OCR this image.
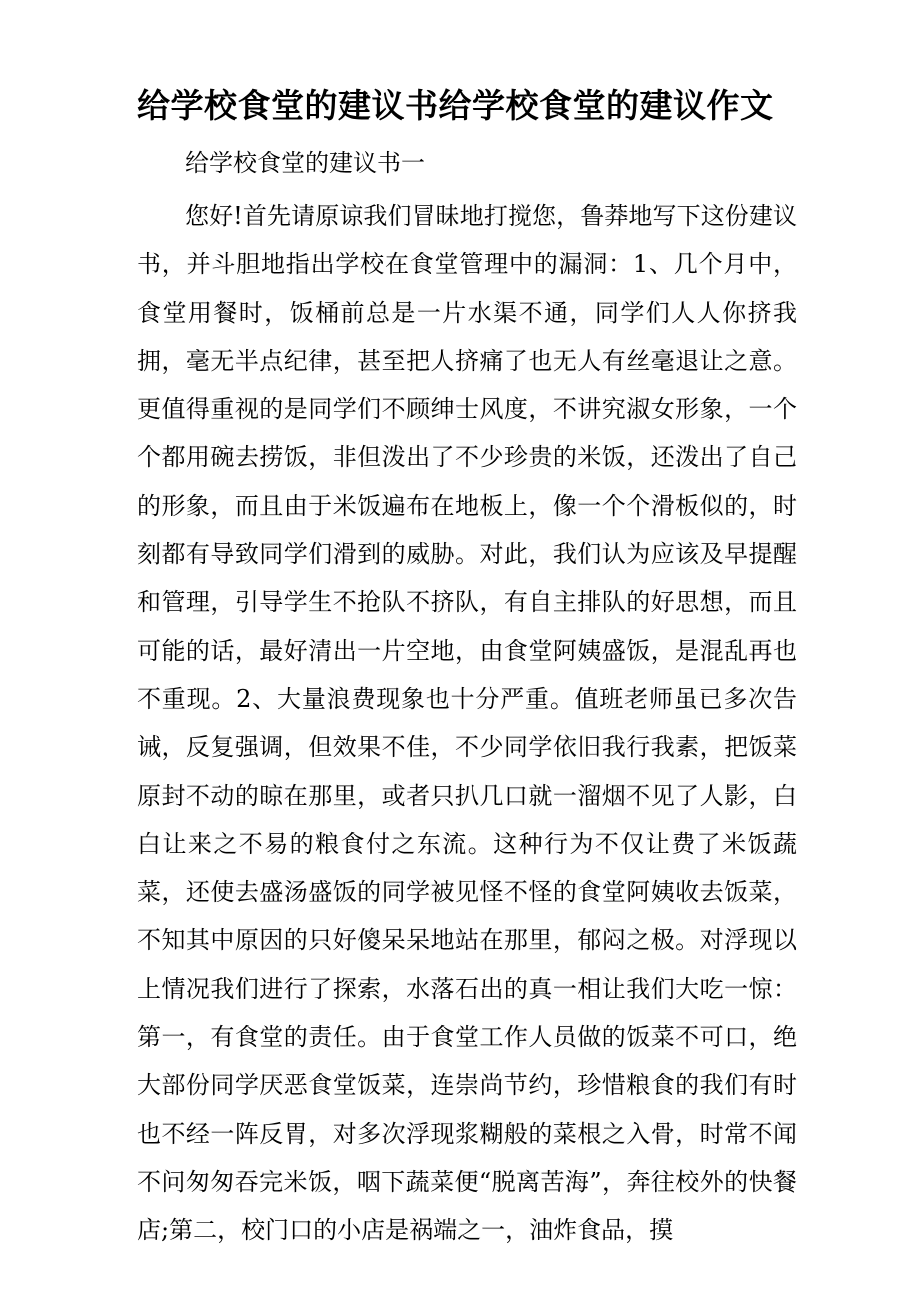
给学校食堂的建议书给学校食堂的建议作文

给学校食堂的建议书一

您好!首先请原谅我们冒昧地打搅您，鲁莽地写下这份建议书，并斗胆地指出学校在食堂管理中的漏洞：1、几个月中，食堂用餐时，饭桶前总是一片水渠不通，同学们人人你挤我拥，毫无半点纪律，甚至把人挤痛了也无人有丝毫退让之意。更值得重视的是同学们不顾绅士风度，不讲究淑女形象，一个个都用碗去捞饭，非但泼出了不少珍贵的米饭，还泼出了自己的形象，而且由于米饭遍布在地板上，像一个个滑板似的，时刻都有导致同学们滑到的威胁。对此，我们认为应该及早提醒和管理，引导学生不抢队不挤队，有自主排队的好思想，而且可能的话，最好清出一片空地，由食堂阿姨盛饭，是混乱再也不重现。2、大量浪费现象也十分严重。值班老师虽已多次告诫，反复强调，但效果不佳，不少同学依旧我行我素，把饭菜原封不动的晾在那里，或者只扒几口就一溜烟不见了人影，白白让来之不易的粮食付之东流。这种行为不仅让费了米饭蔬菜，还使去盛汤盛饭的同学被见怪不怪的食堂阿姨收去饭菜，不知其中原因的只好傻呆呆地站在那里，郁闷之极。对浮现以上情况我们进行了探索，水落石出的真一相让我们大吃一惊：第一，有食堂的责任。由于食堂工作人员做的饭菜不可口，绝大部份同学厌恶食堂饭菜，连崇尚节约，珍惜粮食的我们有时也不经一阵反胃，对多次浮现浆糊般的菜根之入骨，时常不闻不问匆匆吞完米饭，咽下蔬菜便“脱离苦海”，奔往校外的快餐店;第二，校门口的小店是祸端之一，油炸食品，摸
